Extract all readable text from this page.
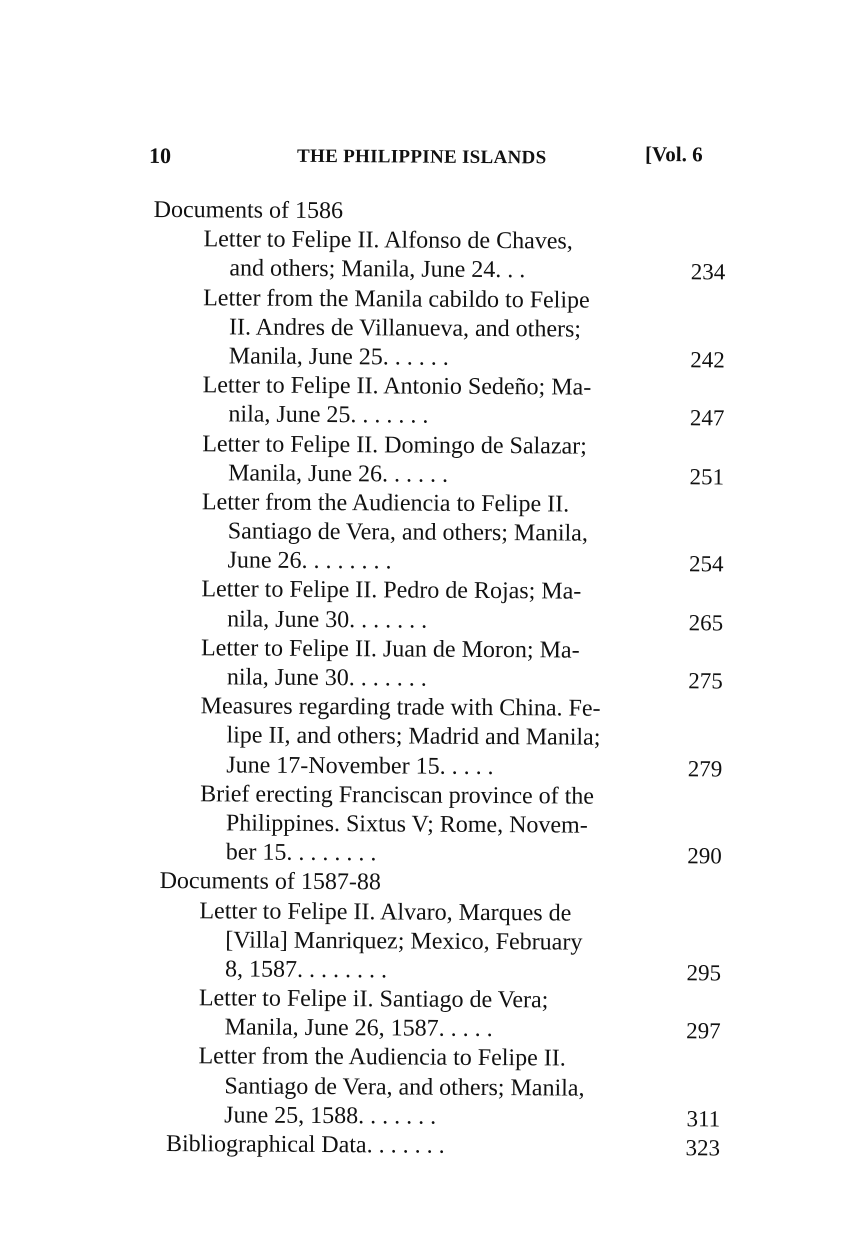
10	THE PHILIPPINE ISLANDS	[Vol. 6
Documents of 1586
Letter to Felipe II. Alfonso de Chaves,
and others; Manila, June 24. . .	234
Letter from the Manila cabildo to Felipe
II. Andres de Villanueva, and others;
Manila, June 25. . . . . .	242
Letter to Felipe II. Antonio Sedeño; Ma-
nila, June 25. . . . . . .	247
Letter to Felipe II. Domingo de Salazar;
Manila, June 26. . . . . .	251
Letter from the Audiencia to Felipe II.
Santiago de Vera, and others; Manila,
June 26. . . . . . . .	254
Letter to Felipe II. Pedro de Rojas; Ma-
nila, June 30. . . . . . .	265
Letter to Felipe II. Juan de Moron; Ma-
nila, June 30. . . . . . .	275
Measures regarding trade with China. Fe-
lipe II, and others; Madrid and Manila;
June 17-November 15. . . . .	279
Brief erecting Franciscan province of the
Philippines. Sixtus V; Rome, Novem-
ber 15. . . . . . . .	290
Documents of 1587-88
Letter to Felipe II. Alvaro, Marques de
[Villa] Manriquez; Mexico, February
8, 1587. . . . . . . .	295
Letter to Felipe iI. Santiago de Vera;
Manila, June 26, 1587. . . . .	297
Letter from the Audiencia to Felipe II.
Santiago de Vera, and others; Manila,
June 25, 1588. . . . . . .	311
Bibliographical Data. . . . . . .	323
